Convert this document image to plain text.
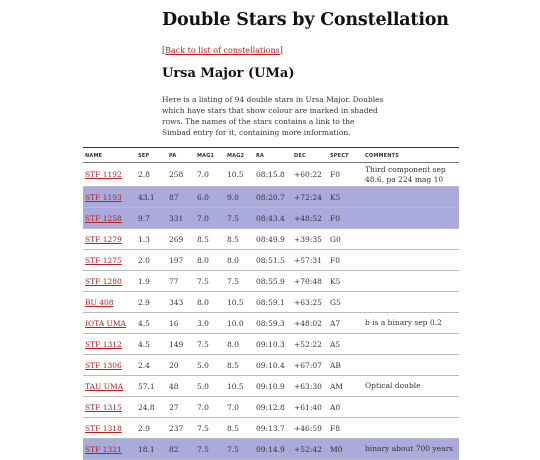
Double Stars by Constellation
[Back to list of constellations]
Ursa Major (UMa)

Here is a listing of 94 double stars in Ursa Major. Doubles which have stars that show colour are marked in shaded rows. The names of the stars contains a link to the Simbad entry for it, containing more information.

NAME	SEP	PA	MAG1	MAG2	RA	DEC	SPECT	COMMENTS
STF 1192	2.8	258	7.0	10.5	08:15.8	+60:22	F0	Third component sep 48.6, pa 224 mag 10
STF 1193	43.1	87	6.0	9.0	08:20.7	+72:24	K5	
STF 1258	9.7	331	7.0	7.5	08:43.4	+48:52	F0	
STF 1279	1.3	269	8.5	8.5	08:49.9	+39:35	G0	
STF 1275	2.0	197	8.0	8.0	08:51.5	+57:31	F0	
STF 1280	1.9	77	7.5	7.5	08:55.9	+70:48	K5	
BU 408	2.9	343	8.0	10.5	08:59.1	+63:25	G5	
IOTA UMA	4.5	16	3.0	10.0	08:59.3	+48:02	A7	b is a binary sep 0.2
STF 1312	4.5	149	7.5	8.0	09:10.3	+52:22	A5	
STF 1306	2.4	20	5.0	8.5	09:10.4	+67:07	AB	
TAU UMA	57.1	48	5.0	10.5	09:10.9	+63:30	AM	Optical double
STF 1315	24.8	27	7.0	7.0	09:12.8	+61:40	A0	
STF 1318	2.9	237	7.5	8.5	09:13.7	+46:59	F8	
STF 1321	18.1	82	7.5	7.5	09:14.9	+52:42	M0	binary about 700 years
